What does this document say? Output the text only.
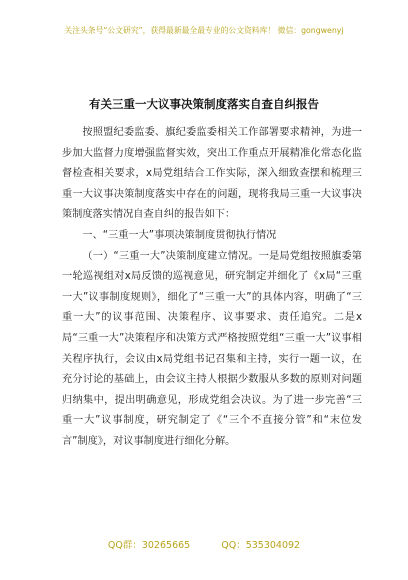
关注头条号“公文研究”，获得最新最全最专业的公文资料库！ 微信：gongwenyj
有关三重一大议事决策制度落实自查自纠报告

按照盟纪委监委、旗纪委监委相关工作部署要求精神，为进一步加大监督力度增强监督实效，突出工作重点开展精准化常态化监督检查相关要求，x局党组结合工作实际，深入细致查摆和梳理三重一大议事决策制度落实中存在的问题，现将我局三重一大议事决策制度落实情况自查自纠的报告如下：

一、“三重一大”事项决策制度贯彻执行情况

（一）“三重一大”决策制度建立情况。一是局党组按照旗委第一轮巡视组对x局反馈的巡视意见，研究制定并细化了《x局“三重一大”议事制度规则》，细化了“三重一大”的具体内容，明确了“三重一大”的议事范围、决策程序、议事要求、责任追究。二是x局“三重一大”决策程序和决策方式严格按照党组“三重一大”议事相关程序执行，会议由x局党组书记召集和主持，实行一题一议，在充分讨论的基础上，由会议主持人根据少数服从多数的原则对问题归纳集中，提出明确意见，形成党组会决议。为了进一步完善“三重一大”议事制度，研究制定了《“三个不直接分管”和“末位发言”制度》，对议事制度进行细化分解。

QQ群：30265665	QQ：535304092
